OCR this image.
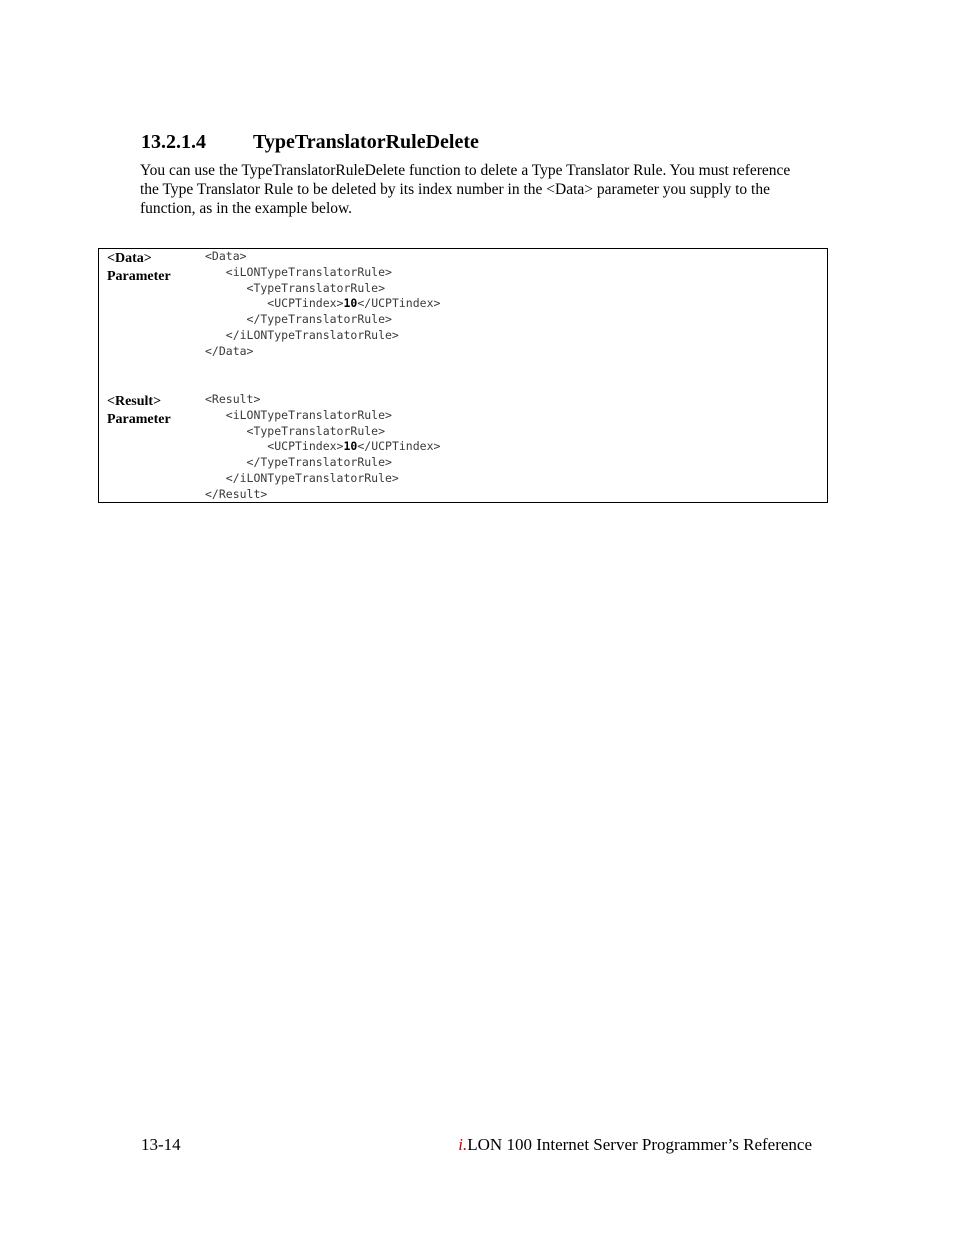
13.2.1.4 TypeTranslatorRuleDelete

You can use the TypeTranslatorRuleDelete function to delete a Type Translator Rule. You must reference the Type Translator Rule to be deleted by its index number in the <Data> parameter you supply to the function, as in the example below.

<Data>
Parameter
<Data>
<iLONTypeTranslatorRule>
<TypeTranslatorRule>
<UCPTindex>10</UCPTindex>
</TypeTranslatorRule>
</iLONTypeTranslatorRule>
</Data>
<Result>
Parameter
<Result>
<iLONTypeTranslatorRule>
<TypeTranslatorRule>
<UCPTindex>10</UCPTindex>
</TypeTranslatorRule>
</iLONTypeTranslatorRule>
</Result>
13-14	i.LON 100 Internet Server Programmer’s Reference
